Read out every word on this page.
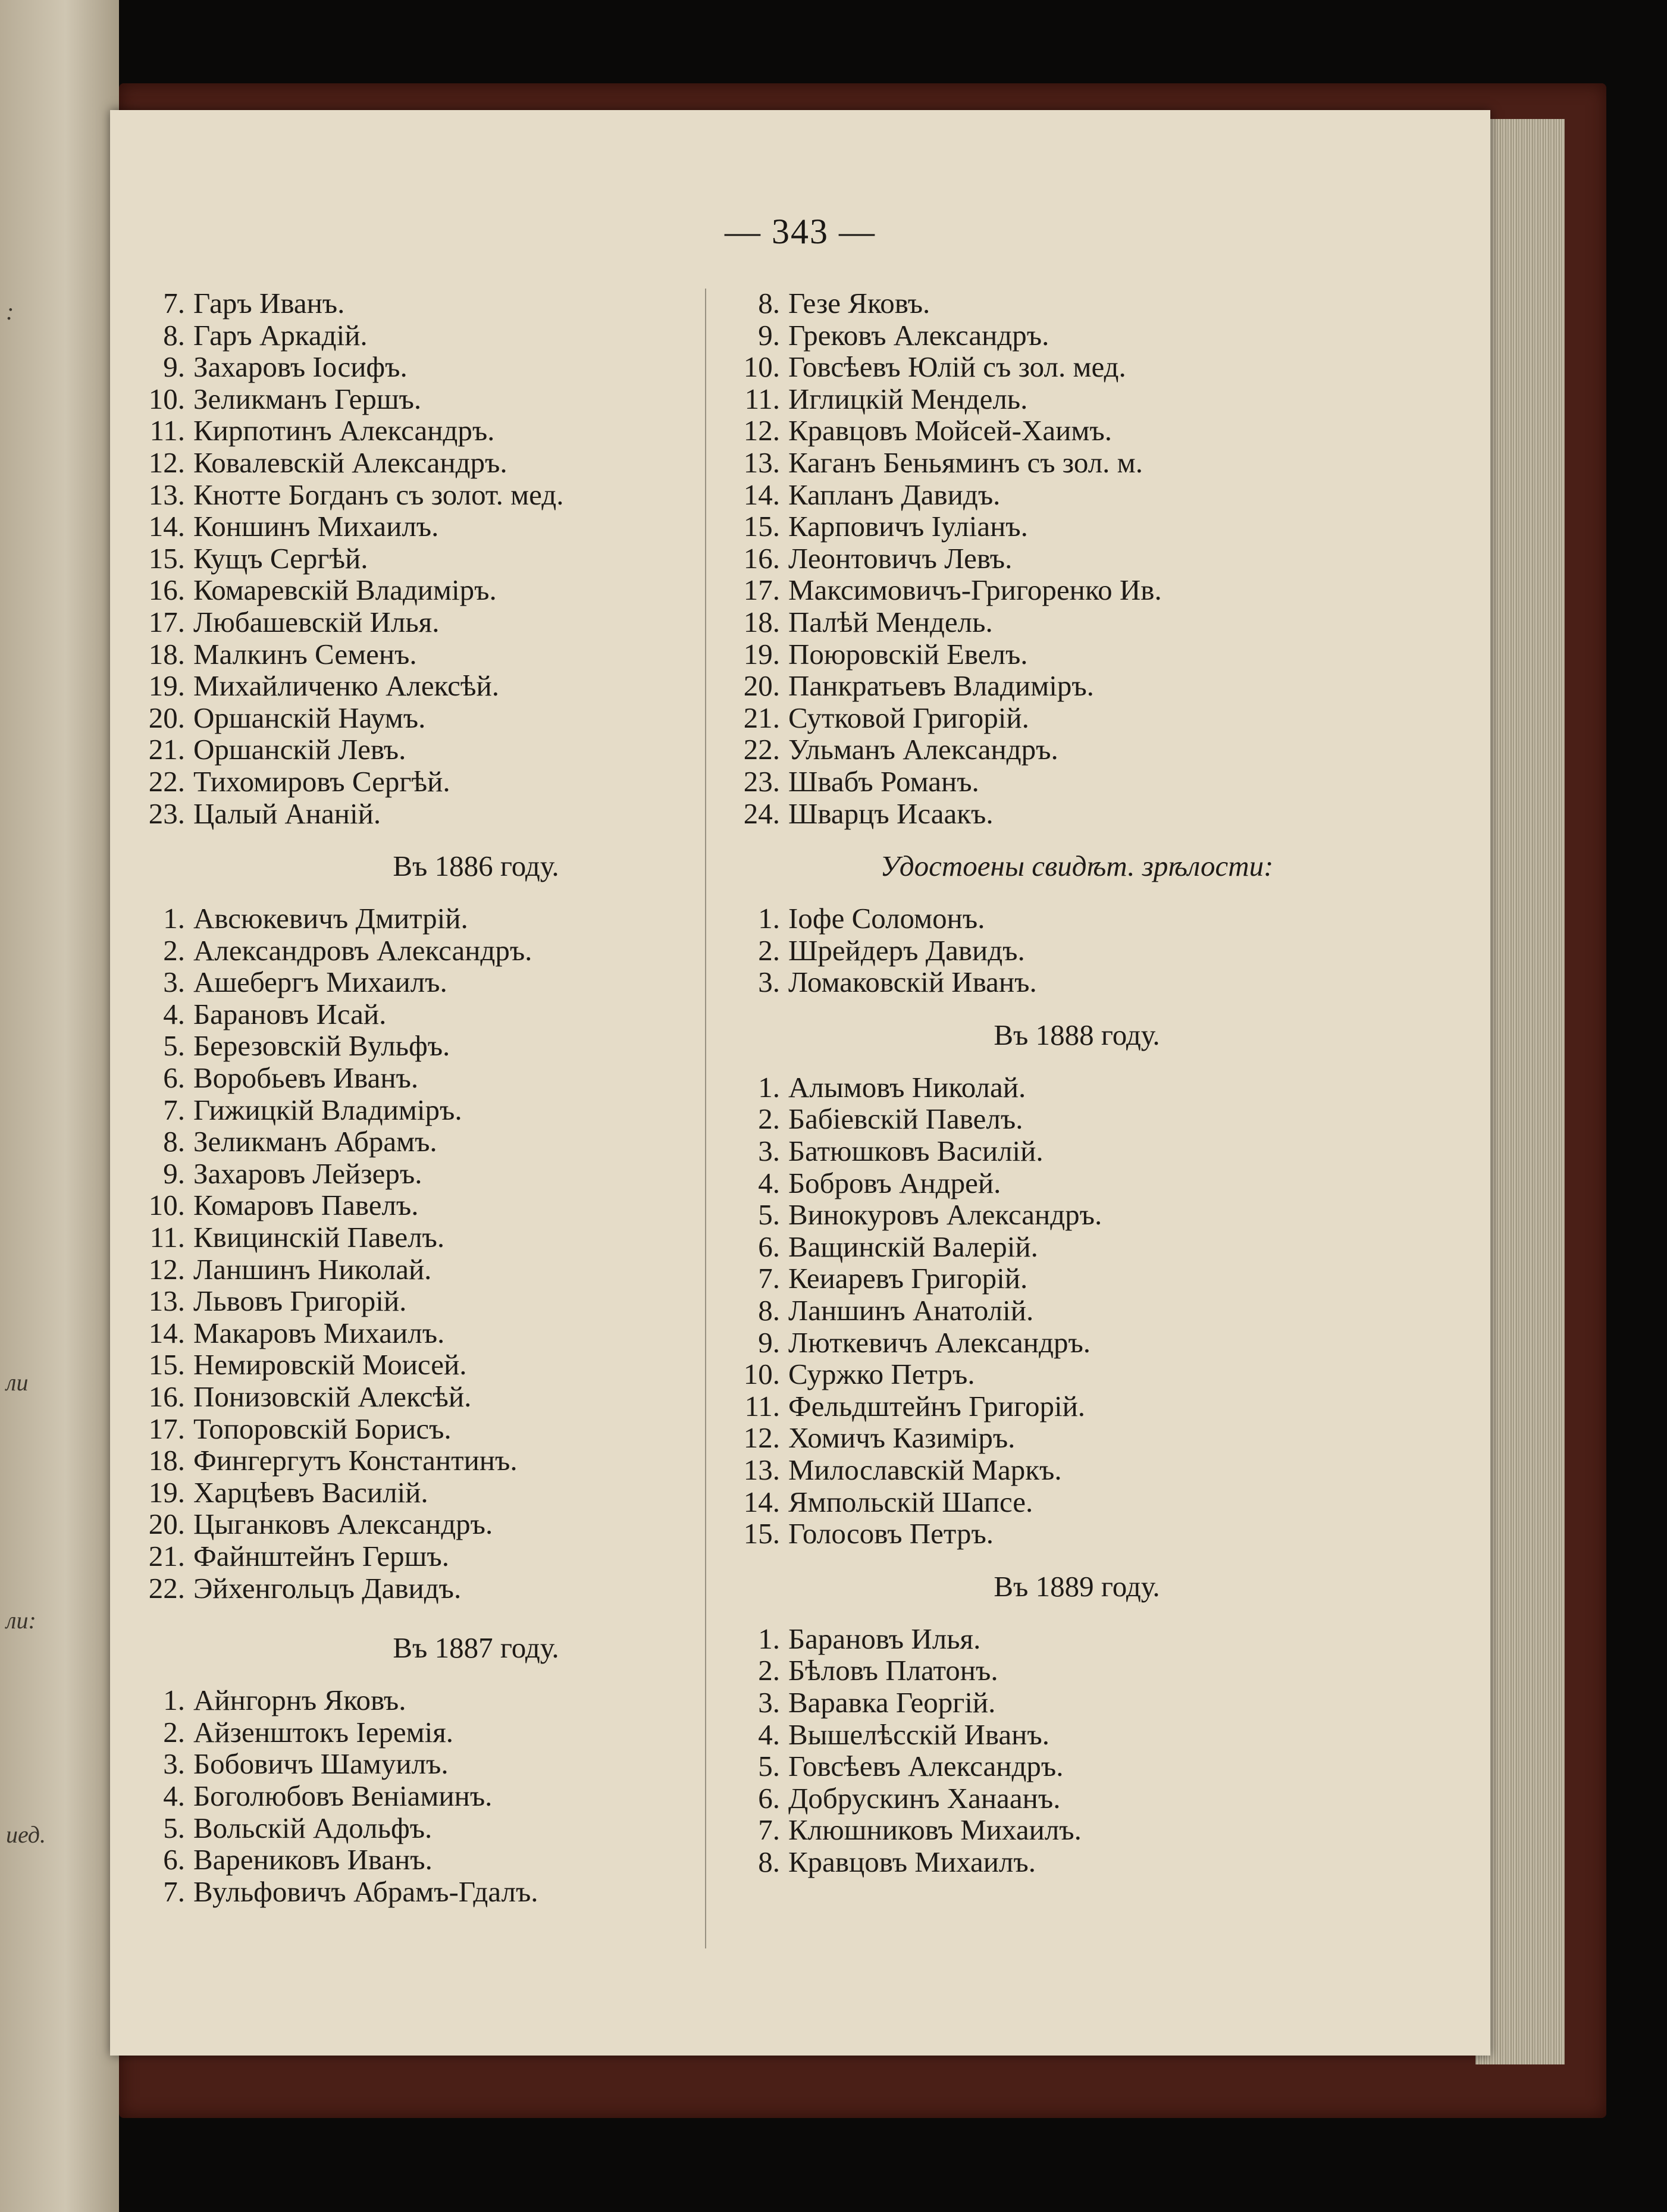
:
ли
ли:
иед.
— 343 —
7. Гаръ Иванъ.
8. Гаръ Аркадій.
9. Захаровъ Іосифъ.
10. Зеликманъ Гершъ.
11. Кирпотинъ Александръ.
12. Ковалевскій Александръ.
13. Кнотте Богданъ съ золот. мед.
14. Коншинъ Михаилъ.
15. Кущъ Сергѣй.
16. Комаревскій Владиміръ.
17. Любашевскій Илья.
18. Малкинъ Семенъ.
19. Михайличенко Алексѣй.
20. Оршанскій Наумъ.
21. Оршанскій Левъ.
22. Тихомировъ Сергѣй.
23. Цалый Ананій.
Въ 1886 году.
1. Авсюкевичъ Дмитрій.
2. Александровъ Александръ.
3. Ашебергъ Михаилъ.
4. Барановъ Исай.
5. Березовскій Вульфъ.
6. Воробьевъ Иванъ.
7. Гижицкій Владиміръ.
8. Зеликманъ Абрамъ.
9. Захаровъ Лейзеръ.
10. Комаровъ Павелъ.
11. Квицинскій Павелъ.
12. Ланшинъ Николай.
13. Львовъ Григорій.
14. Макаровъ Михаилъ.
15. Немировскій Моисей.
16. Понизовскій Алексѣй.
17. Топоровскій Борисъ.
18. Фингергутъ Константинъ.
19. Харцѣевъ Василій.
20. Цыганковъ Александръ.
21. Файнштейнъ Гершъ.
22. Эйхенгольцъ Давидъ.
Въ 1887 году.
1. Айнгорнъ Яковъ.
2. Айзенштокъ Іеремія.
3. Бобовичъ Шамуилъ.
4. Боголюбовъ Веніаминъ.
5. Вольскій Адольфъ.
6. Варениковъ Иванъ.
7. Вульфовичъ Абрамъ-Гдалъ.
8. Гезе Яковъ.
9. Грековъ Александръ.
10. Говсѣевъ Юлій съ зол. мед.
11. Иглицкій Мендель.
12. Кравцовъ Мойсей-Хаимъ.
13. Каганъ Беньяминъ съ зол. м.
14. Капланъ Давидъ.
15. Карповичъ Іуліанъ.
16. Леонтовичъ Левъ.
17. Максимовичъ-Григоренко Ив.
18. Палѣй Мендель.
19. Поюровскій Евелъ.
20. Панкратьевъ Владиміръ.
21. Сутковой Григорій.
22. Ульманъ Александръ.
23. Швабъ Романъ.
24. Шварцъ Исаакъ.
Удостоены свидѣт. зрѣлости:
1. Іофе Соломонъ.
2. Шрейдеръ Давидъ.
3. Ломаковскій Иванъ.
Въ 1888 году.
1. Алымовъ Николай.
2. Бабіевскій Павелъ.
3. Батюшковъ Василій.
4. Бобровъ Андрей.
5. Винокуровъ Александръ.
6. Ващинскій Валерій.
7. Кеиаревъ Григорій.
8. Ланшинъ Анатолій.
9. Люткевичъ Александръ.
10. Суржко Петръ.
11. Фельдштейнъ Григорій.
12. Хомичъ Казиміръ.
13. Милославскій Маркъ.
14. Ямпольскій Шапсе.
15. Голосовъ Петръ.
Въ 1889 году.
1. Барановъ Илья.
2. Бѣловъ Платонъ.
3. Варавка Георгій.
4. Вышелѣсскій Иванъ.
5. Говсѣевъ Александръ.
6. Добрускинъ Ханаанъ.
7. Клюшниковъ Михаилъ.
8. Кравцовъ Михаилъ.
